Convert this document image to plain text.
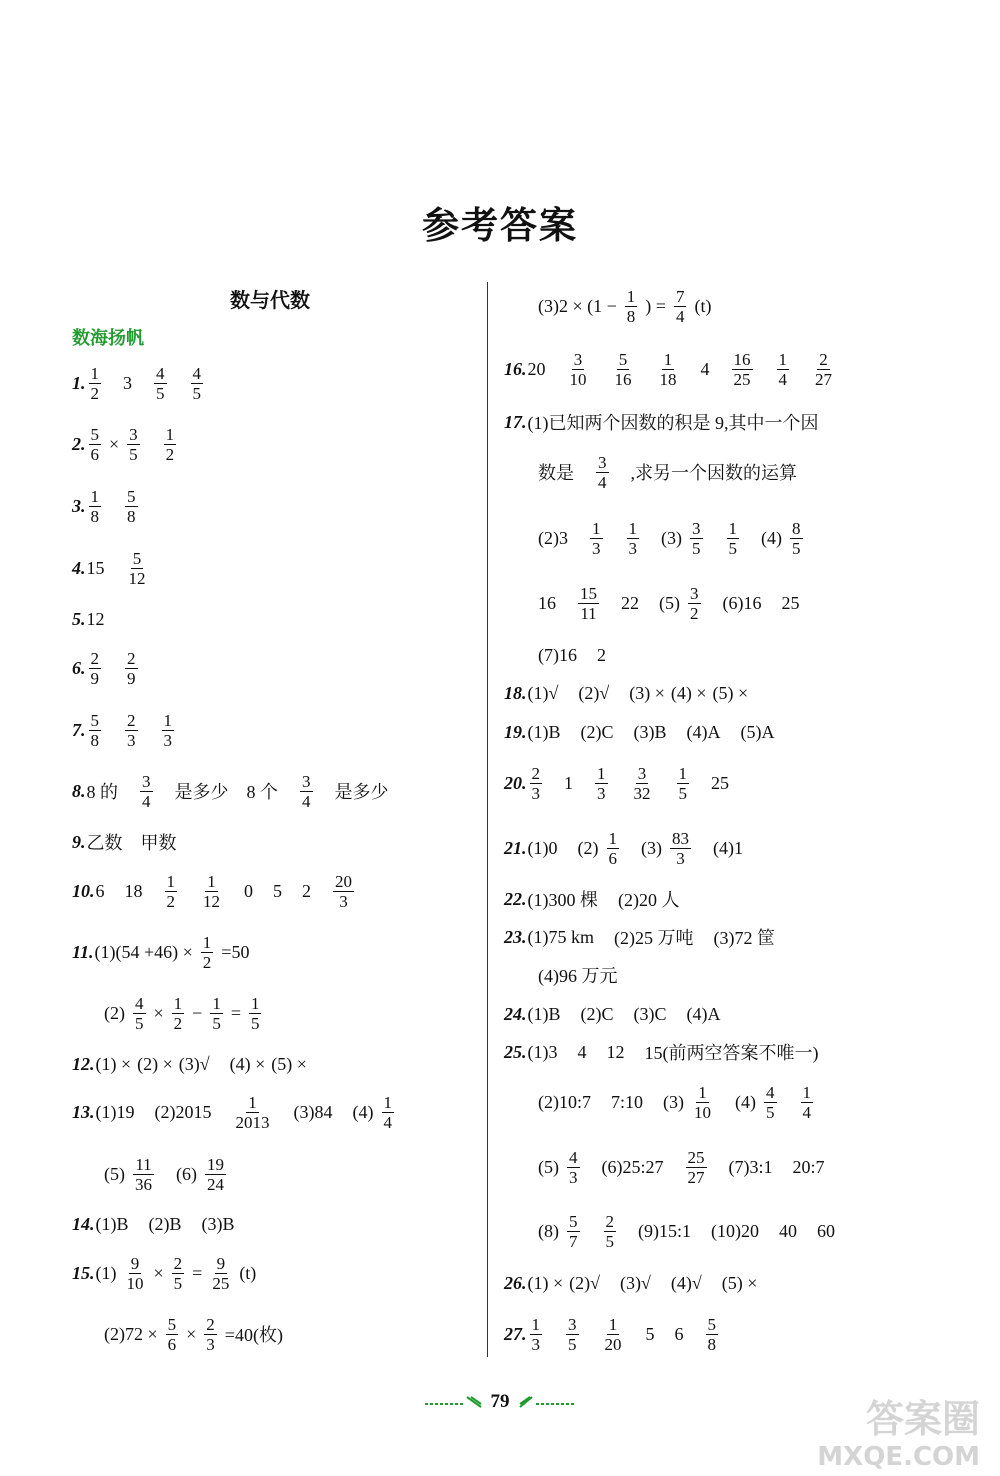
参考答案
数与代数
数海扬帆
1. $\frac{1}{2} 3 \frac{4}{5} \frac{4}{5}$
2. $\frac{5}{6} \times \frac{3}{5} \frac{1}{2}$
3. $\frac{1}{8} \frac{5}{8}$
4. $15 \frac{5}{12}$
5. 12
6. $\frac{2}{9} \frac{2}{9}$
7. $\frac{5}{8} \frac{2}{3} \frac{1}{3}$
8. 8 的 $\frac{3}{4}$ 是多少　8 个 $\frac{3}{4}$ 是多少
9. 乙数　甲数
10. 6 $18 \frac{1}{2} \frac{1}{12} 0$ 5 $2 \frac{20}{3}$
11. $(1)(54 +46) \times \frac{1}{2} =50$
$(2) \frac{4}{5} \times \frac{1}{2} - \frac{1}{5} = \frac{1}{5}$
12. (1) × (2) × (3)√ (4) × (5) ×
13. (1)19 $(2)2015 \frac{1}{2013} (3)84$ $(4) \frac{1}{4}$
$(5) \frac{11}{36} (6) \frac{19}{24}$
14. (1)B (2)B (3)B
15. $(1) \frac{9}{10} \times \frac{2}{5} = \frac{9}{25} (t)$
$(2)72 \times \frac{5}{6} \times \frac{2}{3} =40$(枚)
$(3)2 \times (1 - \frac{1}{8}$ ) = $\frac{7}{4} (t)$
16. $20 \frac{3}{10} \frac{5}{16} \frac{1}{18} 4 \frac{16}{25} \frac{1}{4} \frac{2}{27}$
17. (1)已知两个因数的积是 9,其中一个因
数是 $\frac{3}{4}$ ,求另一个因数的运算
$(2)3 \frac{1}{3} \frac{1}{3} (3) \frac{3}{5} \frac{1}{5} (4) \frac{8}{5}$
$16 \frac{15}{11} 22$ $(5) \frac{3}{2} (6)16$ 25
(7)16 2
18. (1)√ (2)√ (3) × (4) × (5) ×
19. (1)B (2)C (3)B (4)A (5)A
20. $\frac{2}{3} 1 \frac{1}{3} \frac{3}{32} \frac{1}{5} 25$
21. (1)0 $(2) \frac{1}{6} (3) \frac{83}{3} (4)1$
22. (1)300 棵 (2)20 人
23. (1)75 km (2)25 万吨 (3)72 筐
(4)96 万元
24. (1)B (2)C (3)C (4)A
25. (1)3 4 12 15(前两空答案不唯一)
(2)10:7 7:10 $(3) \frac{1}{10} (4) \frac{4}{5} \frac{1}{4}$
$(5) \frac{4}{3}$ (6)25:27 $\frac{25}{27}$ (7)3:1 20:7
$(8) \frac{5}{7} \frac{2}{5}$ (9)15:1 (10)20 40 60
26. (1) × (2)√ (3)√ (4)√ (5) ×
27. $\frac{1}{3} \frac{3}{5} \frac{1}{20} 5$ $6 \frac{5}{8}$
79	答案圈
MXQE.COM
